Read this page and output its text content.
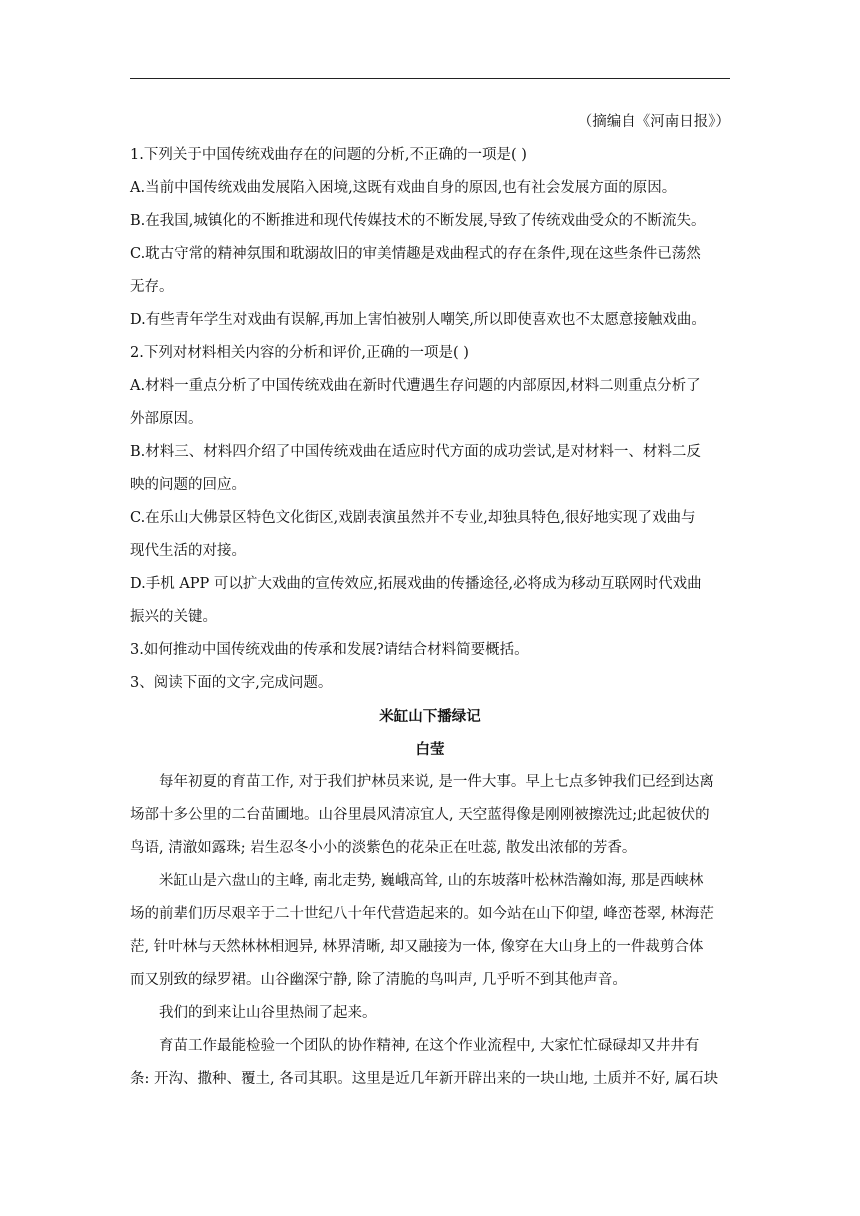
（摘编自《河南日报》）
1.下列关于中国传统戏曲存在的问题的分析,不正确的一项是( )
A.当前中国传统戏曲发展陷入困境,这既有戏曲自身的原因,也有社会发展方面的原因。
B.在我国,城镇化的不断推进和现代传媒技术的不断发展,导致了传统戏曲受众的不断流失。
C.耽古守常的精神氛围和耽溺故旧的审美情趣是戏曲程式的存在条件,现在这些条件已荡然
无存。
D.有些青年学生对戏曲有误解,再加上害怕被别人嘲笑,所以即使喜欢也不太愿意接触戏曲。
2.下列对材料相关内容的分析和评价,正确的一项是( )
A.材料一重点分析了中国传统戏曲在新时代遭遇生存问题的内部原因,材料二则重点分析了
外部原因。
B.材料三、材料四介绍了中国传统戏曲在适应时代方面的成功尝试,是对材料一、材料二反
映的问题的回应。
C.在乐山大佛景区特色文化街区,戏剧表演虽然并不专业,却独具特色,很好地实现了戏曲与
现代生活的对接。
D.手机 APP 可以扩大戏曲的宣传效应,拓展戏曲的传播途径,必将成为移动互联网时代戏曲
振兴的关键。
3.如何推动中国传统戏曲的传承和发展?请结合材料简要概括。
3、阅读下面的文字,完成问题。
米缸山下播绿记
白莹
每年初夏的育苗工作, 对于我们护林员来说, 是一件大事。早上七点多钟我们已经到达离
场部十多公里的二台苗圃地。山谷里晨风清凉宜人, 天空蓝得像是刚刚被擦洗过;此起彼伏的
鸟语, 清澈如露珠; 岩生忍冬小小的淡紫色的花朵正在吐蕊, 散发出浓郁的芳香。
米缸山是六盘山的主峰, 南北走势, 巍峨高耸, 山的东坡落叶松林浩瀚如海, 那是西峡林
场的前辈们历尽艰辛于二十世纪八十年代营造起来的。如今站在山下仰望, 峰峦苍翠, 林海茫
茫, 针叶林与天然林林相迥异, 林界清晰, 却又融接为一体, 像穿在大山身上的一件裁剪合体
而又别致的绿罗裙。山谷幽深宁静, 除了清脆的鸟叫声, 几乎听不到其他声音。
我们的到来让山谷里热闹了起来。
育苗工作最能检验一个团队的协作精神, 在这个作业流程中, 大家忙忙碌碌却又井井有
条: 开沟、撒种、覆土, 各司其职。这里是近几年新开辟出来的一块山地, 土质并不好, 属石块
